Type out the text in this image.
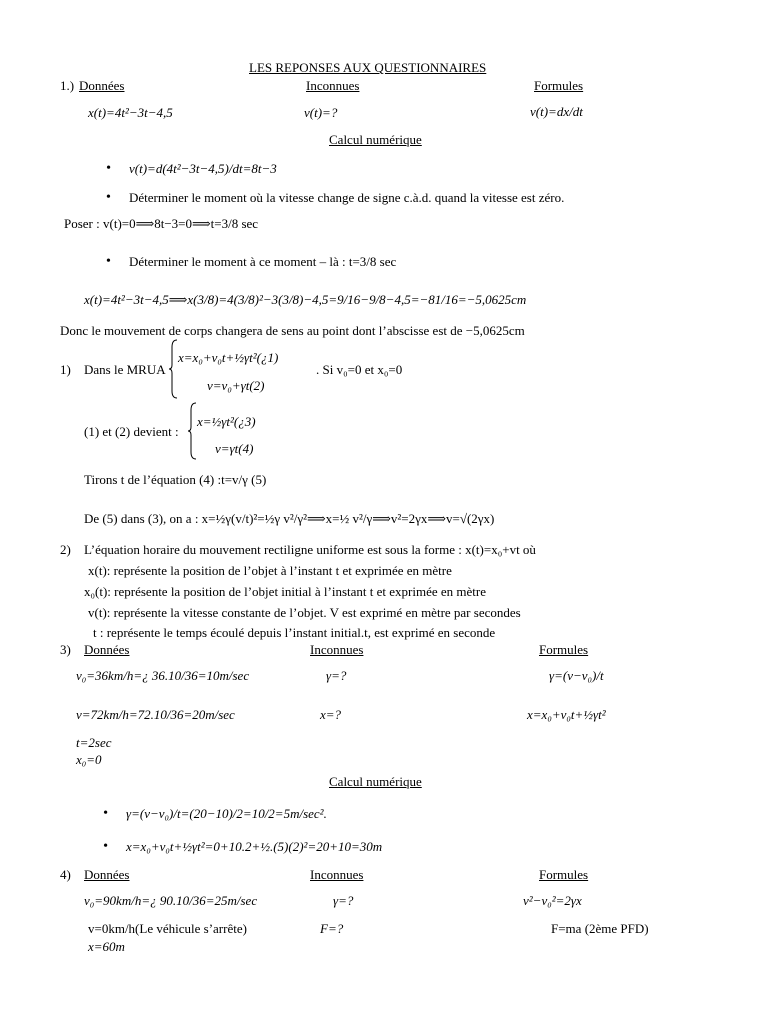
LES REPONSES AUX QUESTIONNAIRES
1.) Données	Inconnues	Formules
x(t)=4t²−3t−4,5	v(t)=?	v(t)=dx/dt
Calcul numérique
• v(t)=d(4t²−3t−4,5)/dt=8t−3
• Déterminer le moment où la vitesse change de signe c.à.d. quand la vitesse est zéro.
Poser : v(t)=0⟹8t−3=0⟹t=3/8 sec
• Déterminer le moment à ce moment – là : t=3/8 sec
x(t)=4t²−3t−4,5⟹x(3/8)=4(3/8)²−3(3/8)−4,5=9/16−9/8−4,5=−81/16=−5,0625cm
Donc le mouvement de corps changera de sens au point dont l’abscisse est de −5,0625cm
1) Dans le MRUA
x=x₀+v₀t+½γt²(¿1)
v=v₀+γt(2)
. Si v₀=0 et x₀=0
(1) et (2) devient :
x=½γt²(¿3)
v=γt(4)
Tirons t de l’équation (4) :t=v/γ (5)
De (5) dans (3), on a : x=½γ(v/t)²=½γ v²/γ²⟹x=½ v²/γ⟹v²=2γx⟹v=√(2γx)
2) L’équation horaire du mouvement rectiligne uniforme est sous la forme : x(t)=x₀+vt où
x(t): représente la position de l’objet à l’instant t et exprimée en mètre
x₀(t): représente la position de l’objet initial à l’instant t et exprimée en mètre
v(t): représente la vitesse constante de l’objet. V est exprimé en mètre par secondes
t : représente le temps écoulé depuis l’instant initial.t, est exprimé en seconde
3) Données	Inconnues	Formules
v₀=36km/h=¿ 36.10/36=10m/sec	γ=?	γ=(v−v₀)/t
v=72km/h=72.10/36=20m/sec	x=?	x=x₀+v₀t+½γt²
t=2sec
x₀=0
Calcul numérique
• γ=(v−v₀)/t=(20−10)/2=10/2=5m/sec².
• x=x₀+v₀t+½γt²=0+10.2+½.(5)(2)²=20+10=30m
4) Données	Inconnues	Formules
v₀=90km/h=¿ 90.10/36=25m/sec	γ=?	v²−v₀²=2γx
v=0km/h(Le véhicule s’arrête)	F=?	F=ma (2ème PFD)
x=60m
